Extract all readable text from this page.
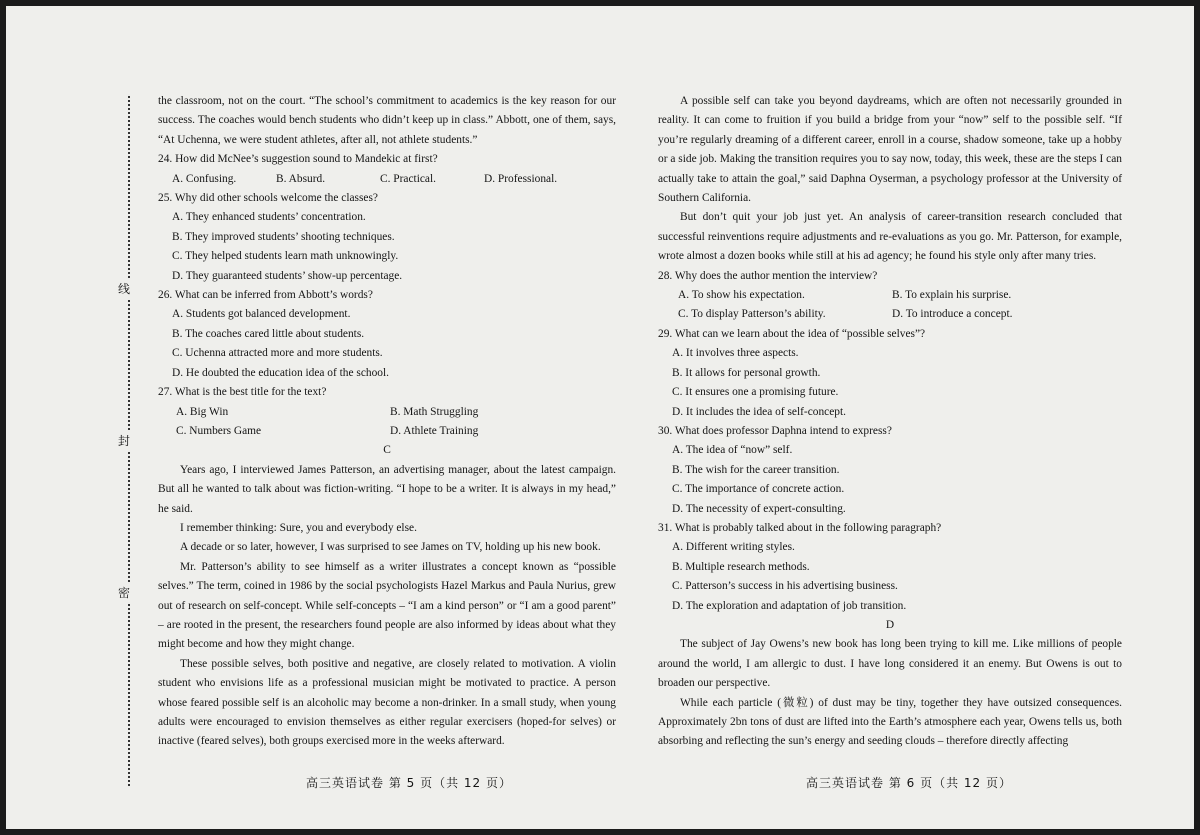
线
封
密

the classroom, not on the court. “The school’s commitment to academics is the key reason for our success. The coaches would bench students who didn’t keep up in class.” Abbott, one of them, says, “At Uchenna, we were student athletes, after all, not athlete students.”

24. How did McNee’s suggestion sound to Mandekic at first?
A. Confusing.	B. Absurd.	C. Practical.	D. Professional.
25. Why did other schools welcome the classes?
A. They enhanced students’ concentration.
B. They improved students’ shooting techniques.
C. They helped students learn math unknowingly.
D. They guaranteed students’ show-up percentage.
26. What can be inferred from Abbott’s words?
A. Students got balanced development.
B. The coaches cared little about students.
C. Uchenna attracted more and more students.
D. He doubted the education idea of the school.
27. What is the best title for the text?
A. Big Win	B. Math Struggling
C. Numbers Game	D. Athlete Training
C

Years ago, I interviewed James Patterson, an advertising manager, about the latest campaign. But all he wanted to talk about was fiction-writing. “I hope to be a writer. It is always in my head,” he said.

I remember thinking: Sure, you and everybody else.

A decade or so later, however, I was surprised to see James on TV, holding up his new book.

Mr. Patterson’s ability to see himself as a writer illustrates a concept known as “possible selves.” The term, coined in 1986 by the social psychologists Hazel Markus and Paula Nurius, grew out of research on self-concept. While self-concepts – “I am a kind person” or “I am a good parent” – are rooted in the present, the researchers found people are also informed by ideas about what they might become and how they might change.

These possible selves, both positive and negative, are closely related to motivation. A violin student who envisions life as a professional musician might be motivated to practice. A person whose feared possible self is an alcoholic may become a non-drinker. In a small study, when young adults were encouraged to envision themselves as either regular exercisers (hoped-for selves) or inactive (feared selves), both groups exercised more in the weeks afterward.

高三英语试卷 第 5 页（共 12 页）

A possible self can take you beyond daydreams, which are often not necessarily grounded in reality. It can come to fruition if you build a bridge from your “now” self to the possible self. “If you’re regularly dreaming of a different career, enroll in a course, shadow someone, take up a hobby or a side job. Making the transition requires you to say now, today, this week, these are the steps I can actually take to attain the goal,” said Daphna Oyserman, a psychology professor at the University of Southern California.

But don’t quit your job just yet. An analysis of career-transition research concluded that successful reinventions require adjustments and re-evaluations as you go. Mr. Patterson, for example, wrote almost a dozen books while still at his ad agency; he found his style only after many tries.

28. Why does the author mention the interview?
A. To show his expectation.	B. To explain his surprise.
C. To display Patterson’s ability.	D. To introduce a concept.
29. What can we learn about the idea of “possible selves”?
A. It involves three aspects.
B. It allows for personal growth.
C. It ensures one a promising future.
D. It includes the idea of self-concept.
30. What does professor Daphna intend to express?
A. The idea of “now” self.
B. The wish for the career transition.
C. The importance of concrete action.
D. The necessity of expert-consulting.
31. What is probably talked about in the following paragraph?
A. Different writing styles.
B. Multiple research methods.
C. Patterson’s success in his advertising business.
D. The exploration and adaptation of job transition.
D

The subject of Jay Owens’s new book has long been trying to kill me. Like millions of people around the world, I am allergic to dust. I have long considered it an enemy. But Owens is out to broaden our perspective.

While each particle (微粒) of dust may be tiny, together they have outsized consequences. Approximately 2bn tons of dust are lifted into the Earth’s atmosphere each year, Owens tells us, both absorbing and reflecting the sun’s energy and seeding clouds – therefore directly affecting

高三英语试卷 第 6 页（共 12 页）
